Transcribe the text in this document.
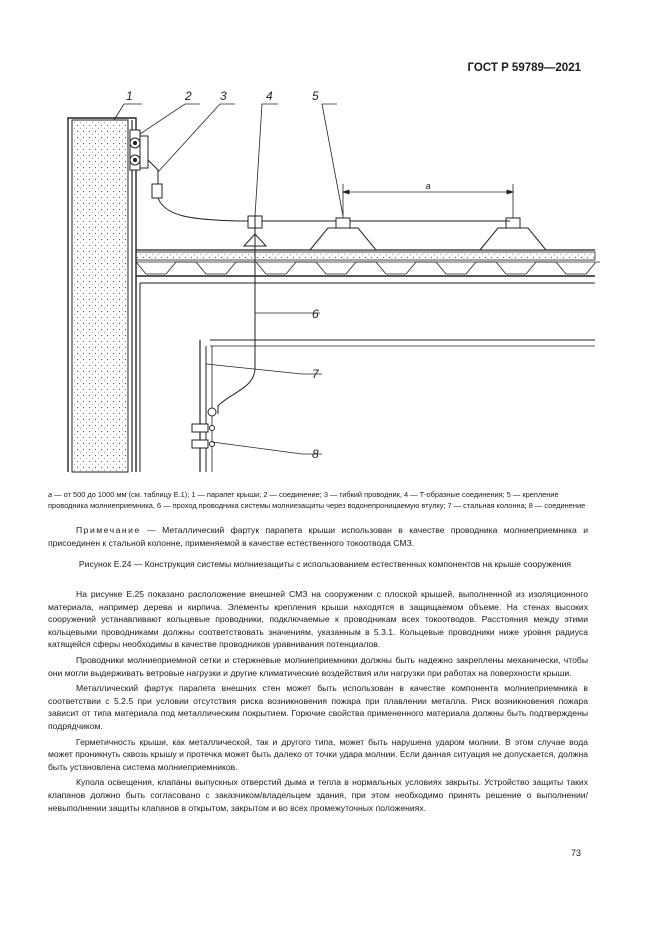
ГОСТ Р 59789—2021
a
1	2 3	4	5
6
7
8
a — от 500 до 1000 мм (см. таблицу Е.1); 1 — парапет крыши; 2 — соединение; 3 — гибкий проводник, 4 — Т-образные соединения; 5 — крепление проводника молниеприемника, 6 — проход проводника системы молниезащиты через водонепроницаемую втулку; 7 — стальная колонна; 8 — соединение
Примечание — Металлический фартук парапета крыши использован в качестве проводника молниеприемника и присоединен к стальной колонне, применяемой в качестве естественного токоотвода СМЗ.
Рисунок Е.24 — Конструкция системы молниезащиты с использованием естественных компонентов на крыше сооружения

На рисунке Е.25 показано расположение внешней СМЗ на сооружении с плоской крышей, выполненной из изоляционного материала, например дерева и кирпича. Элементы крепления крыши находятся в защищаемом объеме. На стенах высоких сооружений устанавливают кольцевые проводники, подключаемые к проводникам всех токоотводов. Расстояния между этими кольцевыми проводниками должны соответствовать значениям, указанным в 5.3.1. Кольцевые проводники ниже уровня радиуса катящейся сферы необходимы в качестве проводников уравнивания потенциалов.

Проводники молниеприемной сетки и стержневые молниеприемники должны быть надежно закреплены механически, чтобы они могли выдерживать ветровые нагрузки и другие климатические воздействия или нагрузки при работах на поверхности крыши.

Металлический фартук парапета внешних стен может быть использован в качестве компонента молниеприемника в соответствии с 5.2.5 при условии отсутствия риска возникновения пожара при плавлении металла. Риск возникновения пожара зависит от типа материала под металлическим покрытием. Горючие свойства примененного материала должны быть подтверждены подрядчиком.

Герметичность крыши, как металлической, так и другого типа, может быть нарушена ударом молнии. В этом случае вода может проникнуть сквозь крышу и протечка может быть далеко от точки удара молнии. Если данная ситуация не допускается, должна быть установлена система молниеприемников.

Купола освещения, клапаны выпускных отверстий дыма и тепла в нормальных условиях закрыты. Устройство защиты таких клапанов должно быть согласовано с заказчиком/владельцем здания, при этом необходимо принять решение о выполнении/невыполнении защиты клапанов в открытом, закрытом и во всех промежуточных положениях.

73
